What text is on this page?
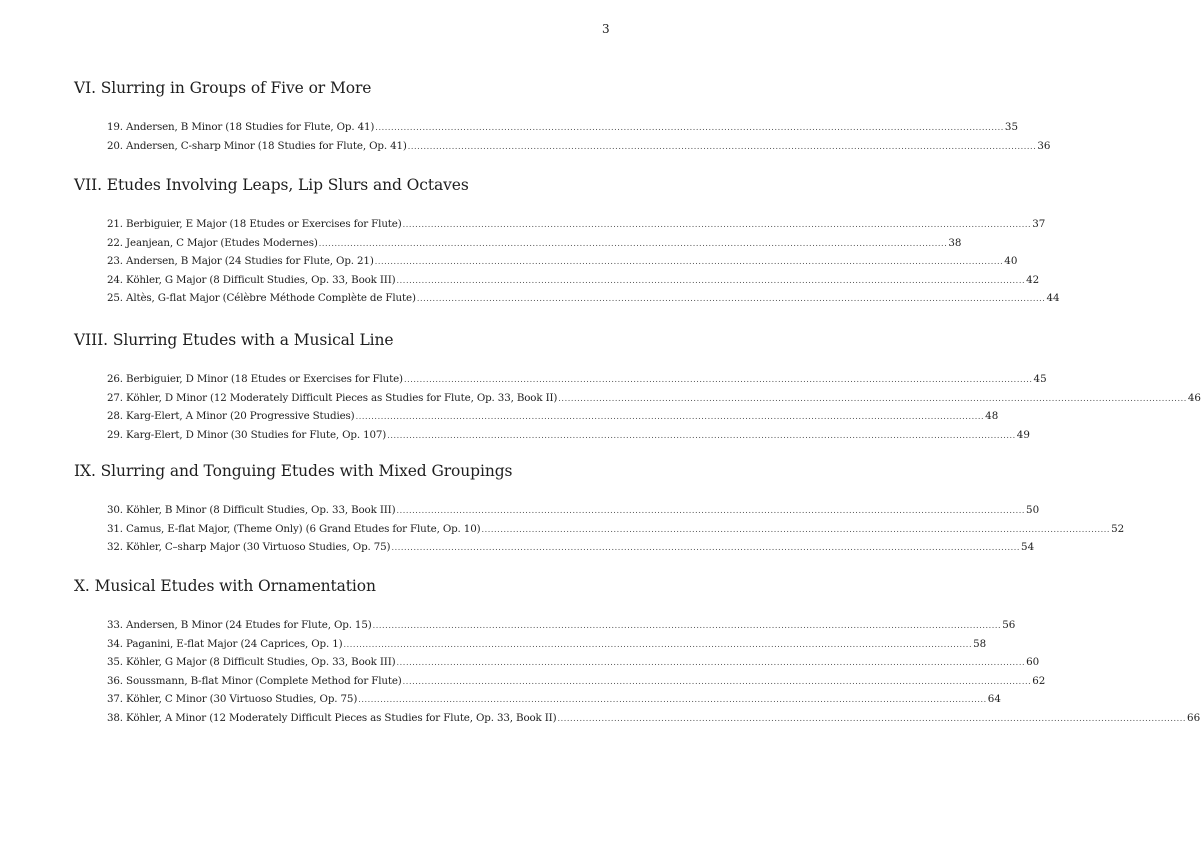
3
VI. Slurring in Groups of Five or More
19. Andersen, B Minor (18 Studies for Flute, Op. 41) ........................................................................................................................................................................................................ 35
20. Andersen, C-sharp Minor (18 Studies for Flute, Op. 41) ........................................................................................................................................................................................................ 36
VII. Etudes Involving Leaps, Lip Slurs and Octaves
21. Berbiguier, E Major (18 Etudes or Exercises for Flute) ........................................................................................................................................................................................................ 37
22. Jeanjean, C Major (Etudes Modernes) ........................................................................................................................................................................................................ 38
23. Andersen, B Major (24 Studies for Flute, Op. 21) ........................................................................................................................................................................................................ 40
24. Köhler, G Major (8 Difficult Studies, Op. 33, Book III) ........................................................................................................................................................................................................ 42
25. Altès, G-flat Major (Célèbre Méthode Complète de Flute) ........................................................................................................................................................................................................ 44
VIII. Slurring Etudes with a Musical Line
26. Berbiguier, D Minor (18 Etudes or Exercises for Flute) ........................................................................................................................................................................................................ 45
27. Köhler, D Minor (12 Moderately Difficult Pieces as Studies for Flute, Op. 33, Book II) ........................................................................................................................................................................................................ 46
28. Karg-Elert, A Minor (20 Progressive Studies) ........................................................................................................................................................................................................ 48
29. Karg-Elert, D Minor (30 Studies for Flute, Op. 107) ........................................................................................................................................................................................................ 49
IX. Slurring and Tonguing Etudes with Mixed Groupings
30. Köhler, B Minor (8 Difficult Studies, Op. 33, Book III) ........................................................................................................................................................................................................ 50
31. Camus, E-flat Major, (Theme Only) (6 Grand Etudes for Flute, Op. 10) ........................................................................................................................................................................................................ 52
32. Köhler, C–sharp Major (30 Virtuoso Studies, Op. 75) ........................................................................................................................................................................................................ 54
X. Musical Etudes with Ornamentation
33. Andersen, B Minor (24 Etudes for Flute, Op. 15) ........................................................................................................................................................................................................ 56
34. Paganini, E-flat Major (24 Caprices, Op. 1) ........................................................................................................................................................................................................ 58
35. Köhler, G Major (8 Difficult Studies, Op. 33, Book III) ........................................................................................................................................................................................................ 60
36. Soussmann, B-flat Minor (Complete Method for Flute) ........................................................................................................................................................................................................ 62
37. Köhler, C Minor (30 Virtuoso Studies, Op. 75) ........................................................................................................................................................................................................ 64
38. Köhler, A Minor (12 Moderately Difficult Pieces as Studies for Flute, Op. 33, Book II) ........................................................................................................................................................................................................ 66
